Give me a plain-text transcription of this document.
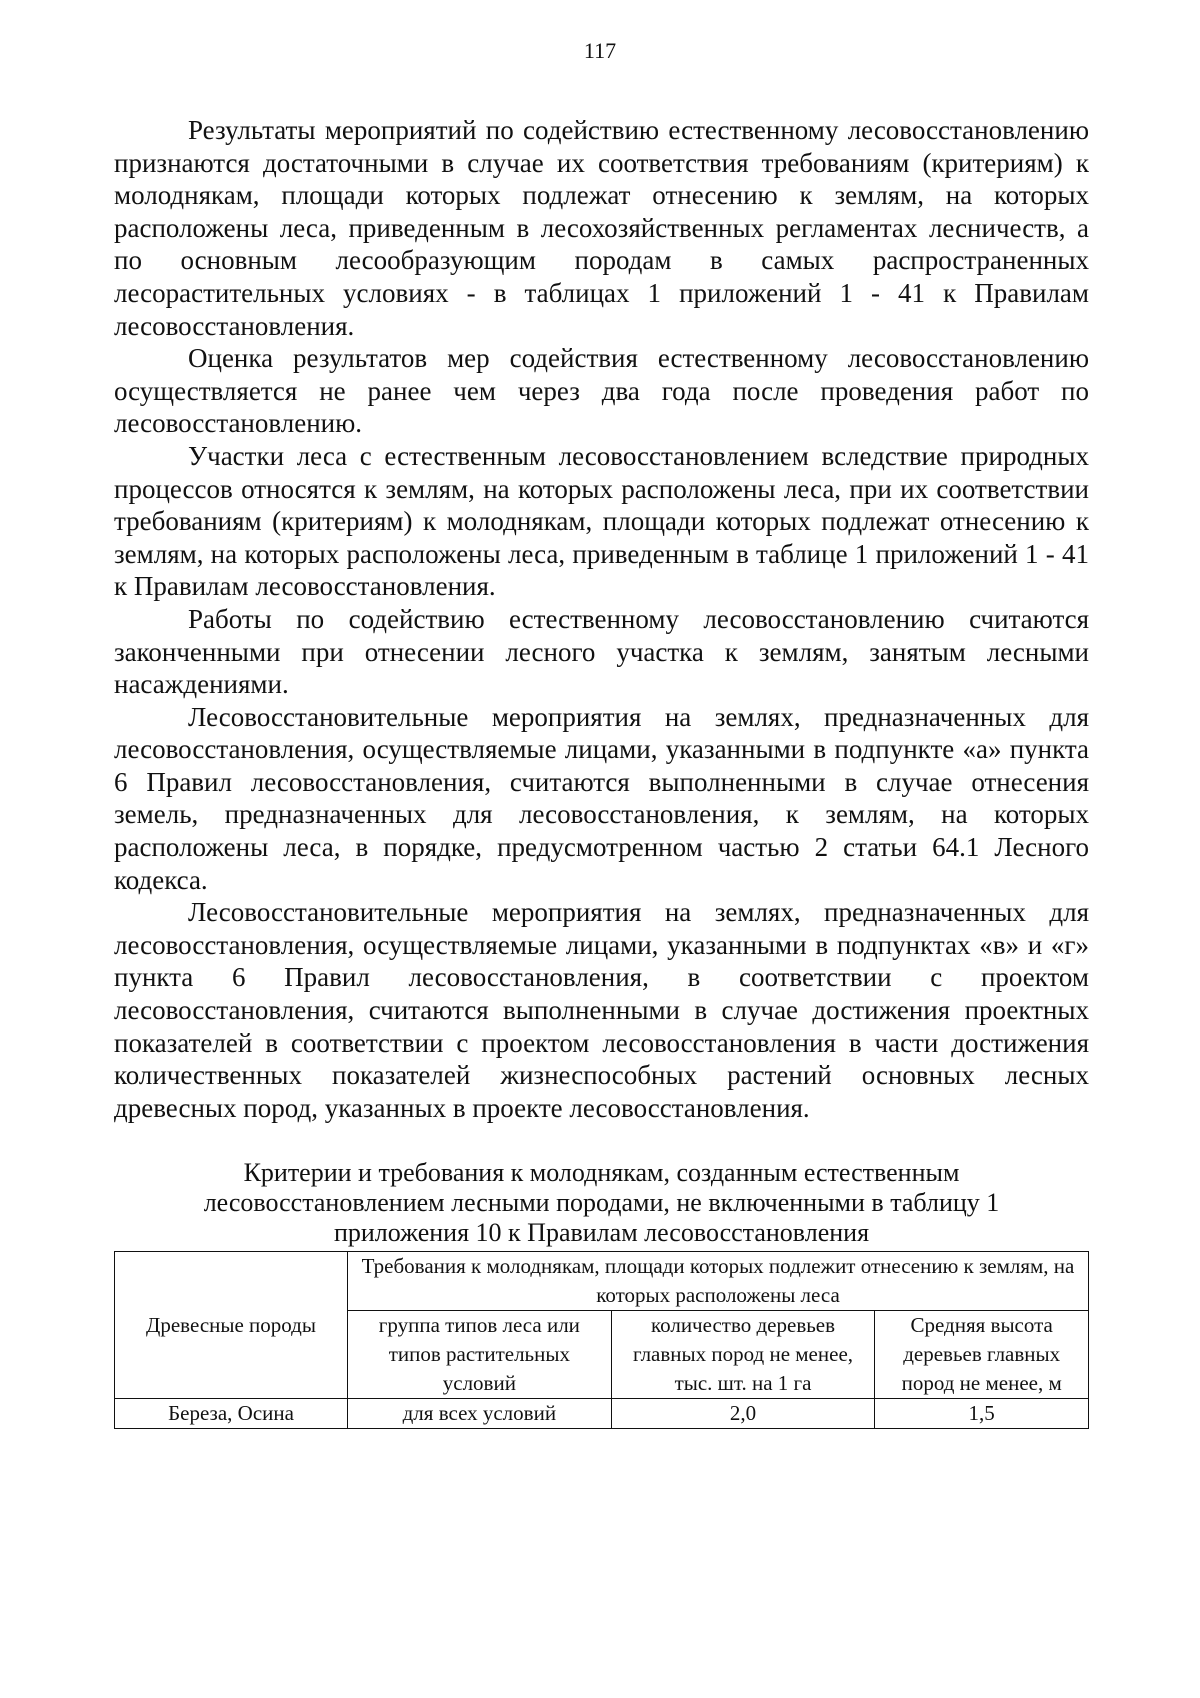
117

Результаты мероприятий по содействию естественному лесовосстановлению признаются достаточными в случае их соответствия требованиям (критериям) к молоднякам, площади которых подлежат отнесению к землям, на которых расположены леса, приведенным в лесохозяйственных регламентах лесничеств, а по основным лесообразующим породам в самых распространенных лесорастительных условиях - в таблицах 1 приложений 1 - 41 к Правилам лесовосстановления.

Оценка результатов мер содействия естественному лесовосстановлению осуществляется не ранее чем через два года после проведения работ по лесовосстановлению.

Участки леса с естественным лесовосстановлением вследствие природных процессов относятся к землям, на которых расположены леса, при их соответствии требованиям (критериям) к молоднякам, площади которых подлежат отнесению к землям, на которых расположены леса, приведенным в таблице 1 приложений 1 - 41 к Правилам лесовосстановления.

Работы по содействию естественному лесовосстановлению считаются законченными при отнесении лесного участка к землям, занятым лесными насаждениями.

Лесовосстановительные мероприятия на землях, предназначенных для лесовосстановления, осуществляемые лицами, указанными в подпункте «а» пункта 6 Правил лесовосстановления, считаются выполненными в случае отнесения земель, предназначенных для лесовосстановления, к землям, на которых расположены леса, в порядке, предусмотренном частью 2 статьи 64.1 Лесного кодекса.

Лесовосстановительные мероприятия на землях, предназначенных для лесовосстановления, осуществляемые лицами, указанными в подпунктах «в» и «г» пункта 6 Правил лесовосстановления, в соответствии с проектом лесовосстановления, считаются выполненными в случае достижения проектных показателей в соответствии с проектом лесовосстановления в части достижения количественных показателей жизнеспособных растений основных лесных древесных пород, указанных в проекте лесовосстановления.

Критерии и требования к молоднякам, созданным естественным
лесовосстановлением лесными породами, не включенными в таблицу 1
приложения 10 к Правилам лесовосстановления
Древесные породы	Требования к молоднякам, площади которых подлежит отнесению к землям, на которых расположены леса		
	группа типов леса или типов растительных условий	количество деревьев главных пород не менее, тыс. шт. на 1 га	Средняя высота деревьев главных пород не менее, м
Береза, Осина	для всех условий	2,0	1,5
